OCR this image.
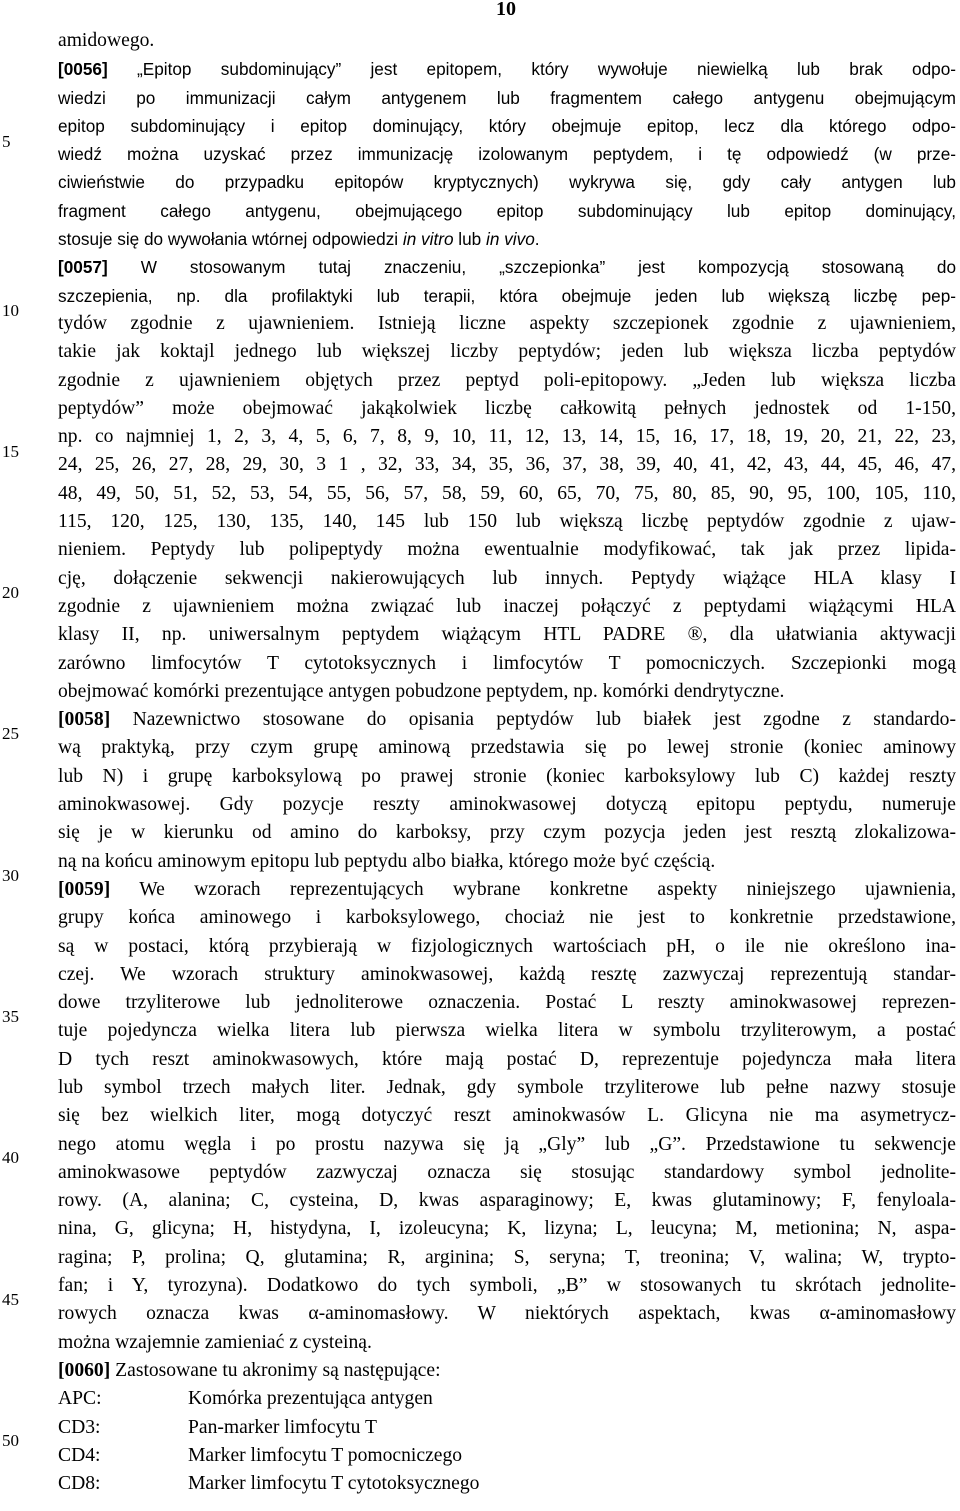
10
5
10
15
20
25
30
35
40
45
50
amidowego.
[0056] „Epitop subdominujący” jest epitopem, który wywołuje niewielką lub brak odpo-
wiedzi po immunizacji całym antygenem lub fragmentem całego antygenu obejmującym
epitop subdominujący i epitop dominujący, który obejmuje epitop, lecz dla którego odpo-
wiedź można uzyskać przez immunizację izolowanym peptydem, i tę odpowiedź (w prze-
ciwieństwie do przypadku epitopów kryptycznych) wykrywa się, gdy cały antygen lub
fragment całego antygenu, obejmującego epitop subdominujący lub epitop dominujący,
stosuje się do wywołania wtórnej odpowiedzi in vitro lub in vivo.
[0057] W stosowanym tutaj znaczeniu, „szczepionka” jest kompozycją stosowaną do
szczepienia, np. dla profilaktyki lub terapii, która obejmuje jeden lub większą liczbę pep-
tydów zgodnie z ujawnieniem. Istnieją liczne aspekty szczepionek zgodnie z ujawnieniem,
takie jak koktajl jednego lub większej liczby peptydów; jeden lub większa liczba peptydów
zgodnie z ujawnieniem objętych przez peptyd poli-epitopowy. „Jeden lub większa liczba
peptydów” może obejmować jakąkolwiek liczbę całkowitą pełnych jednostek od 1-150,
np. co najmniej 1, 2, 3, 4, 5, 6, 7, 8, 9, 10, 11, 12, 13, 14, 15, 16, 17, 18, 19, 20, 21, 22, 23,
24, 25, 26, 27, 28, 29, 30, 3 1 , 32, 33, 34, 35, 36, 37, 38, 39, 40, 41, 42, 43, 44, 45, 46, 47,
48, 49, 50, 51, 52, 53, 54, 55, 56, 57, 58, 59, 60, 65, 70, 75, 80, 85, 90, 95, 100, 105, 110,
115, 120, 125, 130, 135, 140, 145 lub 150 lub większą liczbę peptydów zgodnie z ujaw-
nieniem. Peptydy lub polipeptydy można ewentualnie modyfikować, tak jak przez lipida-
cję, dołączenie sekwencji nakierowujących lub innych. Peptydy wiążące HLA klasy I
zgodnie z ujawnieniem można związać lub inaczej połączyć z peptydami wiążącymi HLA
klasy II, np. uniwersalnym peptydem wiążącym HTL PADRE ®, dla ułatwiania aktywacji
zarówno limfocytów T cytotoksycznych i limfocytów T pomocniczych. Szczepionki mogą
obejmować komórki prezentujące antygen pobudzone peptydem, np. komórki dendrytyczne.
[0058] Nazewnictwo stosowane do opisania peptydów lub białek jest zgodne z standardo-
wą praktyką, przy czym grupę aminową przedstawia się po lewej stronie (koniec aminowy
lub N) i grupę karboksylową po prawej stronie (koniec karboksylowy lub C) każdej reszty
aminokwasowej. Gdy pozycje reszty aminokwasowej dotyczą epitopu peptydu, numeruje
się je w kierunku od amino do karboksy, przy czym pozycja jeden jest resztą zlokalizowa-
ną na końcu aminowym epitopu lub peptydu albo białka, którego może być częścią.
[0059] We wzorach reprezentujących wybrane konkretne aspekty niniejszego ujawnienia,
grupy końca aminowego i karboksylowego, chociaż nie jest to konkretnie przedstawione,
są w postaci, którą przybierają w fizjologicznych wartościach pH, o ile nie określono ina-
czej. We wzorach struktury aminokwasowej, każdą resztę zazwyczaj reprezentują standar-
dowe trzyliterowe lub jednoliterowe oznaczenia. Postać L reszty aminokwasowej reprezen-
tuje pojedyncza wielka litera lub pierwsza wielka litera w symbolu trzyliterowym, a postać
D tych reszt aminokwasowych, które mają postać D, reprezentuje pojedyncza mała litera
lub symbol trzech małych liter. Jednak, gdy symbole trzyliterowe lub pełne nazwy stosuje
się bez wielkich liter, mogą dotyczyć reszt aminokwasów L. Glicyna nie ma asymetrycz-
nego atomu węgla i po prostu nazywa się ją „Gly” lub „G”. Przedstawione tu sekwencje
aminokwasowe peptydów zazwyczaj oznacza się stosując standardowy symbol jednolite-
rowy. (A, alanina; C, cysteina, D, kwas asparaginowy; E, kwas glutaminowy; F, fenyloala-
nina, G, glicyna; H, histydyna, I, izoleucyna; K, lizyna; L, leucyna; M, metionina; N, aspa-
ragina; P, prolina; Q, glutamina; R, arginina; S, seryna; T, treonina; V, walina; W, trypto-
fan; i Y, tyrozyna). Dodatkowo do tych symboli, „B” w stosowanych tu skrótach jednolite-
rowych oznacza kwas α-aminomasłowy. W niektórych aspektach, kwas α-aminomasłowy
można wzajemnie zamieniać z cysteiną.
[0060] Zastosowane tu akronimy są następujące:
APC:	Komórka prezentująca antygen
CD3:	Pan-marker limfocytu T
CD4:	Marker limfocytu T pomocniczego
CD8:	Marker limfocytu T cytotoksycznego
